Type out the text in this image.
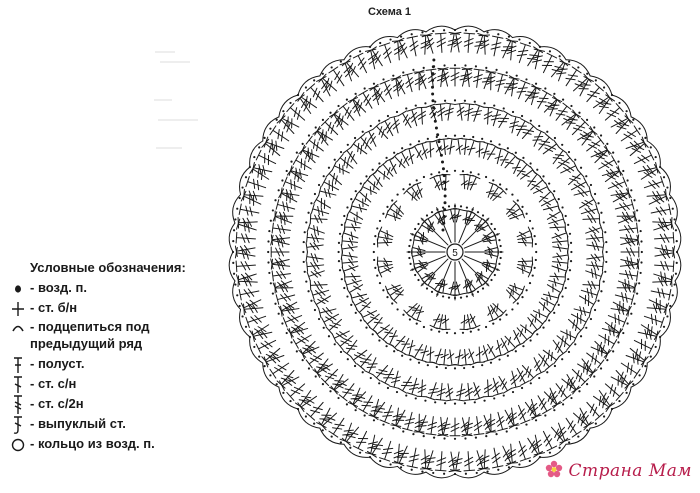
Схема 1
5
Условные обозначения:
- возд. п.
- ст. б/н
- подцепиться под предыдущий ряд
- полуст.
- ст. с/н
- ст. с/2н
- выпуклый ст.
- кольцо из возд. п.
Страна Мам
